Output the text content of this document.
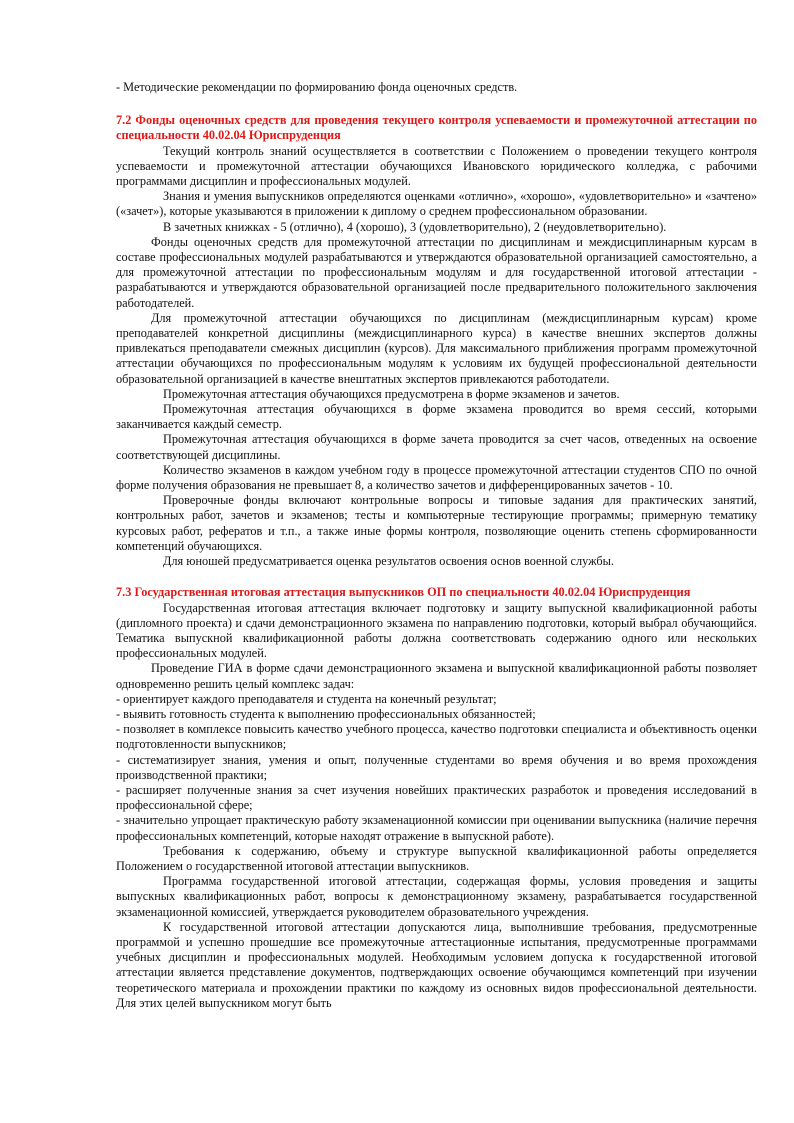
- Методические рекомендации по формированию фонда оценочных средств.

7.2 Фонды оценочных средств для проведения текущего контроля успеваемости и промежуточной аттестации по специальности 40.02.04 Юриспруденция

Текущий контроль знаний осуществляется в соответствии с Положением о проведении текущего контроля успеваемости и промежуточной аттестации обучающихся Ивановского юридического колледжа, с рабочими программами дисциплин и профессиональных модулей.

Знания и умения выпускников определяются оценками «отлично», «хорошо», «удовлетворительно» и «зачтено» («зачет»), которые указываются в приложении к диплому о среднем профессиональном образовании.

В зачетных книжках - 5 (отлично), 4 (хорошо), 3 (удовлетворительно), 2 (неудовлетворительно).

Фонды оценочных средств для промежуточной аттестации по дисциплинам и междисциплинарным курсам в составе профессиональных модулей разрабатываются и утверждаются образовательной организацией самостоятельно, а для промежуточной аттестации по профессиональным модулям и для государственной итоговой аттестации - разрабатываются и утверждаются образовательной организацией после предварительного положительного заключения работодателей.

Для промежуточной аттестации обучающихся по дисциплинам (междисциплинарным курсам) кроме преподавателей конкретной дисциплины (междисциплинарного курса) в качестве внешних экспертов должны привлекаться преподаватели смежных дисциплин (курсов). Для максимального приближения программ промежуточной аттестации обучающихся по профессиональным модулям к условиям их будущей профессиональной деятельности образовательной организацией в качестве внештатных экспертов привлекаются работодатели.

Промежуточная аттестация обучающихся предусмотрена в форме экзаменов и зачетов.

Промежуточная аттестация обучающихся в форме экзамена проводится во время сессий, которыми заканчивается каждый семестр.

Промежуточная аттестация обучающихся в форме зачета проводится за счет часов, отведенных на освоение соответствующей дисциплины.

Количество экзаменов в каждом учебном году в процессе промежуточной аттестации студентов СПО по очной форме получения образования не превышает 8, а количество зачетов и дифференцированных зачетов - 10.

Проверочные фонды включают контрольные вопросы и типовые задания для практических занятий, контрольных работ, зачетов и экзаменов; тесты и компьютерные тестирующие программы; примерную тематику курсовых работ, рефератов и т.п., а также иные формы контроля, позволяющие оценить степень сформированности компетенций обучающихся.

Для юношей предусматривается оценка результатов освоения основ военной службы.

7.3 Государственная итоговая аттестация выпускников ОП по специальности 40.02.04 Юриспруденция

Государственная итоговая аттестация включает подготовку и защиту выпускной квалификационной работы (дипломного проекта) и сдачи демонстрационного экзамена по направлению подготовки, который выбрал обучающийся. Тематика выпускной квалификационной работы должна соответствовать содержанию одного или нескольких профессиональных модулей.

Проведение ГИА в форме сдачи демонстрационного экзамена и выпускной квалификационной работы позволяет одновременно решить целый комплекс задач:

- ориентирует каждого преподавателя и студента на конечный результат;

- выявить готовность студента к выполнению профессиональных обязанностей;

- позволяет в комплексе повысить качество учебного процесса, качество подготовки специалиста и объективность оценки подготовленности выпускников;

- систематизирует знания, умения и опыт, полученные студентами во время обучения и во время прохождения производственной практики;

- расширяет полученные знания за счет изучения новейших практических разработок и проведения исследований в профессиональной сфере;

- значительно упрощает практическую работу экзаменационной комиссии при оценивании выпускника (наличие перечня профессиональных компетенций, которые находят отражение в выпускной работе).

Требования к содержанию, объему и структуре выпускной квалификационной работы определяется Положением о государственной итоговой аттестации выпускников.

Программа государственной итоговой аттестации, содержащая формы, условия проведения и защиты выпускных квалификационных работ, вопросы к демонстрационному экзамену, разрабатывается государственной экзаменационной комиссией, утверждается руководителем образовательного учреждения.

К государственной итоговой аттестации допускаются лица, выполнившие требования, предусмотренные программой и успешно прошедшие все промежуточные аттестационные испытания, предусмотренные программами учебных дисциплин и профессиональных модулей. Необходимым условием допуска к государственной итоговой аттестации является представление документов, подтверждающих освоение обучающимся компетенций при изучении теоретического материала и прохождении практики по каждому из основных видов профессиональной деятельности. Для этих целей выпускником могут быть
